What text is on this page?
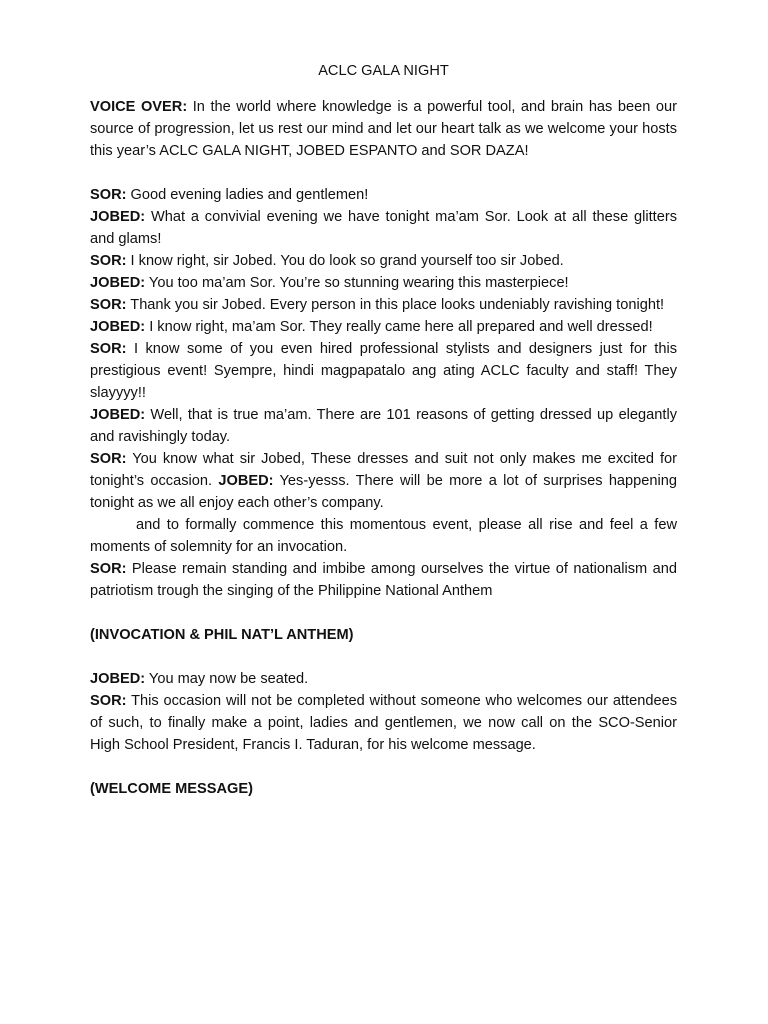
ACLC GALA NIGHT

VOICE OVER: In the world where knowledge is a powerful tool, and brain has been our source of progression, let us rest our mind and let our heart talk as we welcome your hosts this year’s ACLC GALA NIGHT, JOBED ESPANTO and SOR DAZA!

SOR: Good evening ladies and gentlemen!

JOBED: What a convivial evening we have tonight ma’am Sor. Look at all these glitters and glams!

SOR: I know right, sir Jobed. You do look so grand yourself too sir Jobed.

JOBED: You too ma’am Sor. You’re so stunning wearing this masterpiece!

SOR: Thank you sir Jobed. Every person in this place looks undeniably ravishing tonight!

JOBED: I know right, ma’am Sor. They really came here all prepared and well dressed!

SOR: I know some of you even hired professional stylists and designers just for this prestigious event! Syempre, hindi magpapatalo ang ating ACLC faculty and staff! They slayyyy!!

JOBED: Well, that is true ma’am. There are 101 reasons of getting dressed up elegantly and ravishingly today.

SOR: You know what sir Jobed, These dresses and suit not only makes me excited for tonight’s occasion. JOBED: Yes-yesss. There will be more a lot of surprises happening tonight as we all enjoy each other’s company.

and to formally commence this momentous event, please all rise and feel a few moments of solemnity for an invocation.

SOR: Please remain standing and imbibe among ourselves the virtue of nationalism and patriotism trough the singing of the Philippine National Anthem

(INVOCATION & PHIL NAT’L ANTHEM)

JOBED: You may now be seated.

SOR: This occasion will not be completed without someone who welcomes our attendees of such, to finally make a point, ladies and gentlemen, we now call on the SCO-Senior High School President, Francis I. Taduran, for his welcome message.

(WELCOME MESSAGE)
